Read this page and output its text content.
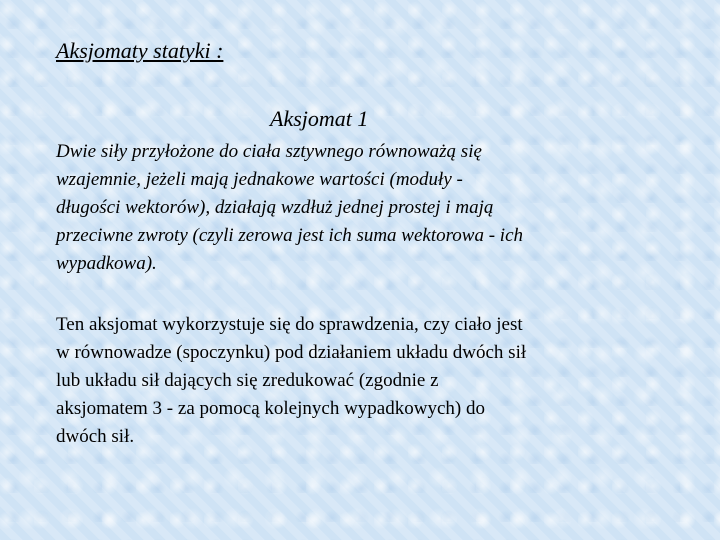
Aksjomaty statyki :
Aksjomat 1

Dwie siły przyłożone do ciała sztywnego równoważą się
wzajemnie, jeżeli mają jednakowe wartości (moduły -
długości wektorów), działają wzdłuż jednej prostej i mają
przeciwne zwroty (czyli zerowa jest ich suma wektorowa - ich
wypadkowa).

Ten aksjomat wykorzystuje się do sprawdzenia, czy ciało jest
w równowadze (spoczynku) pod działaniem układu dwóch sił
lub układu sił dających się zredukować (zgodnie z
aksjomatem 3 - za pomocą kolejnych wypadkowych) do
dwóch sił.
